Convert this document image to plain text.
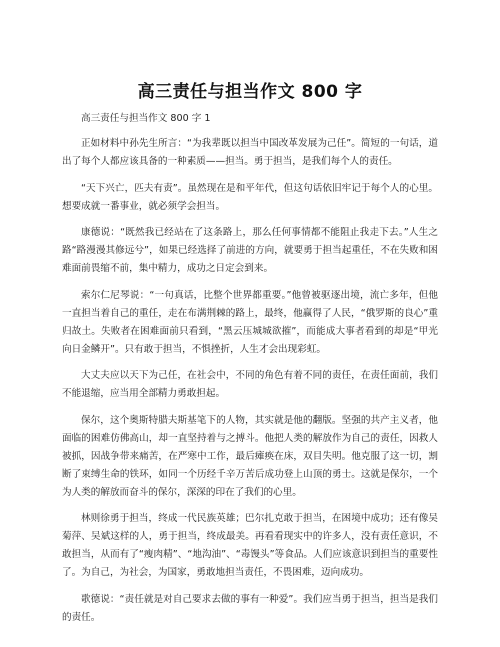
高三责任与担当作文 800 字

高三责任与担当作文 800 字 1

正如材料中孙先生所言：“为我辈既以担当中国改革发展为己任”。简短的一句话，道出了每个人都应该具备的一种素质——担当。勇于担当，是我们每个人的责任。

“天下兴亡，匹夫有责”。虽然现在是和平年代，但这句话依旧牢记于每个人的心里。想要成就一番事业，就必须学会担当。

康德说：“既然我已经站在了这条路上，那么任何事情都不能阻止我走下去。”人生之路“路漫漫其修远兮”，如果已经选择了前进的方向，就要勇于担当起重任，不在失败和困难面前畏缩不前，集中精力，成功之日定会到来。

索尔仁尼琴说：“一句真话，比整个世界都重要。”他曾被驱逐出境，流亡多年，但他一直担当着自己的重任，走在布满荆棘的路上，最终，他赢得了人民，“俄罗斯的良心”重归故土。失败者在困难面前只看到，“黑云压城城欲摧”，而能成大事者看到的却是“甲光向日金鳞开”。只有敢于担当，不惧挫折，人生才会出现彩虹。

大丈夫应以天下为己任，在社会中，不同的角色有着不同的责任，在责任面前，我们不能退缩，应当用全部精力勇敢担起。

保尔，这个奥斯特腊夫斯基笔下的人物，其实就是他的翻版。坚强的共产主义者，他面临的困难仿佛高山，却一直坚持着与之搏斗。他把人类的解放作为自己的责任，因救人被抓，因战争带来痛苦，在严寒中工作，最后瘫痪在床，双目失明。他克服了这一切，割断了束缚生命的铁环，如同一个历经千辛万苦后成功登上山顶的勇士。这就是保尔，一个为人类的解放而奋斗的保尔，深深的印在了我们的心里。

林则徐勇于担当，终成一代民族英雄；巴尔扎克敢于担当，在困境中成功；还有像吴菊萍、吴斌这样的人，勇于担当，终成最美。再看看现实中的许多人，没有责任意识，不敢担当，从而有了“瘦肉精”、“地沟油”、“毒馒头”等食品。人们应该意识到担当的重要性了。为自己，为社会，为国家，勇敢地担当责任，不畏困难，迈向成功。

歌德说：“责任就是对自己要求去做的事有一种爱”。我们应当勇于担当，担当是我们的责任。
